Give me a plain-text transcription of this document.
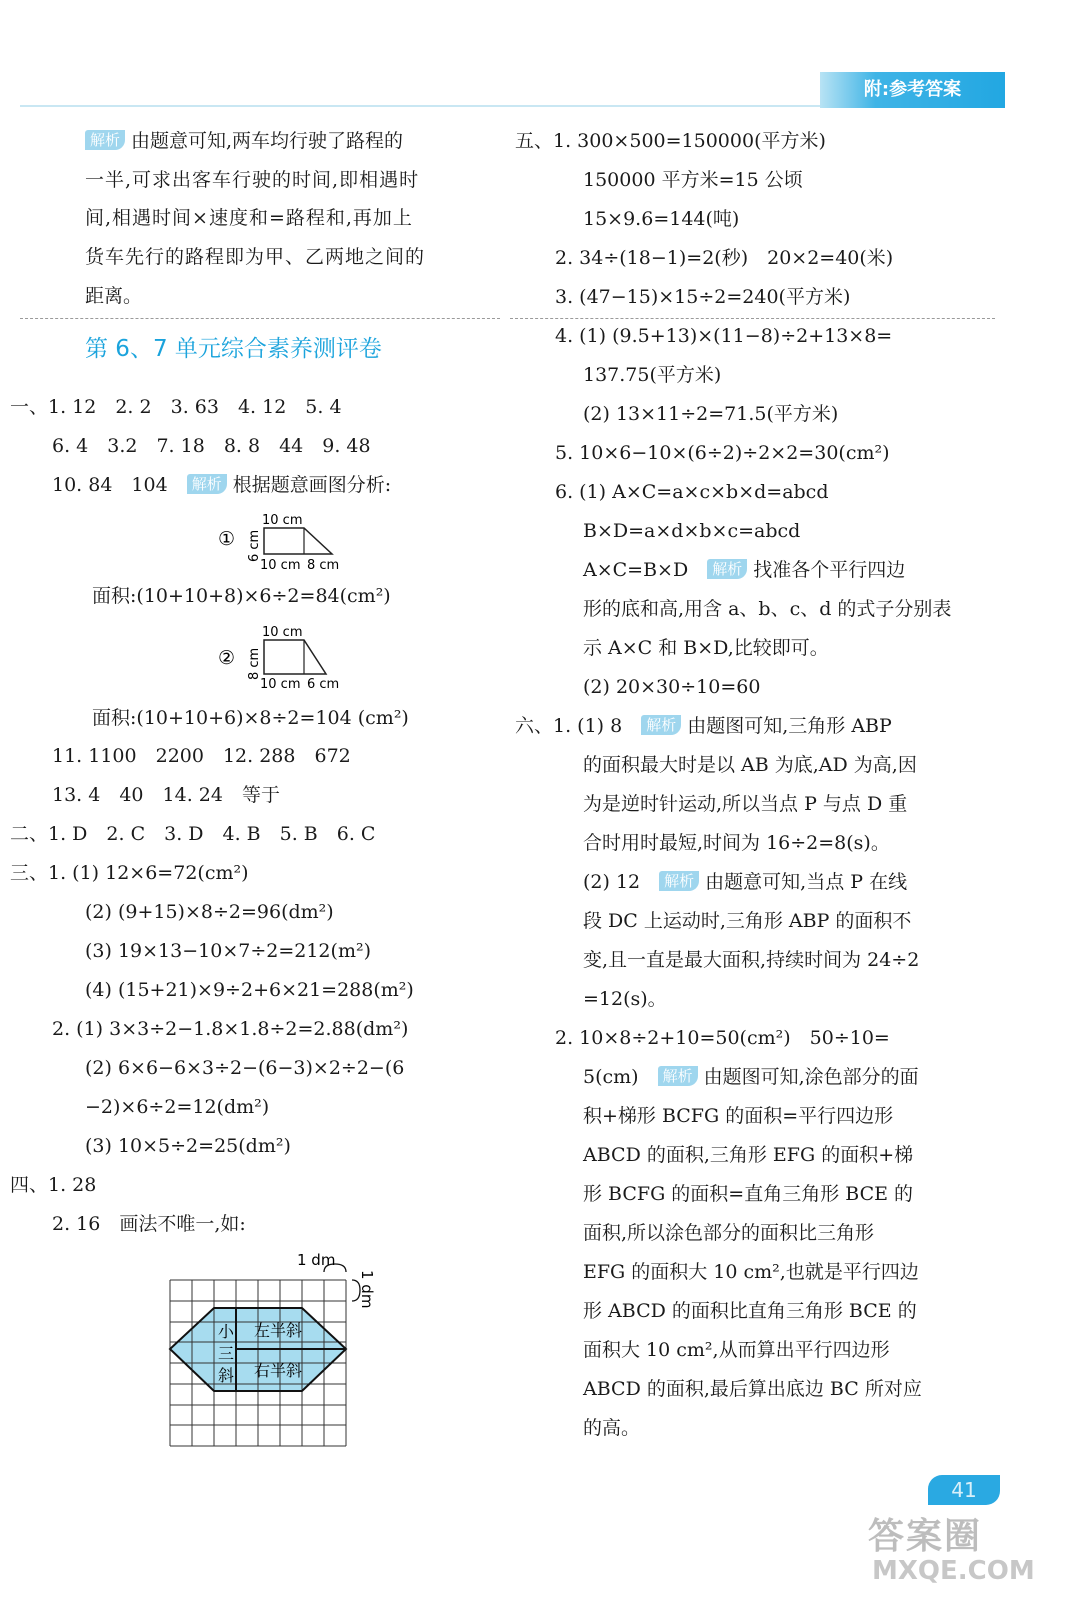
附:参考答案
解析 由题意可知,两车均行驶了路程的
一半,可求出客车行驶的时间,即相遇时
间,相遇时间×速度和=路程和,再加上
货车先行的路程即为甲、乙两地之间的
距离。
第 6、7 单元综合素养测评卷
一、1. 12　2. 2　3. 63　4. 12　5. 4
6. 4　3.2　7. 18　8. 8　44　9. 48
10. 84　104　 解析 根据题意画图分析:
①
10 cm
6 cm
10 cm 8 cm
面积:(10+10+8)×6÷2=84(cm²)
②
10 cm
8 cm
10 cm 6 cm
面积:(10+10+6)×8÷2=104 (cm²)
11. 1100　2200　12. 288　672
13. 4　40　14. 24　等于
二、1. D　2. C　3. D　4. B　5. B　6. C
三、1. (1) 12×6=72(cm²)
(2) (9+15)×8÷2=96(dm²)
(3) 19×13−10×7÷2=212(m²)
(4) (15+21)×9÷2+6×21=288(m²)
2. (1) 3×3÷2−1.8×1.8÷2=2.88(dm²)
(2) 6×6−6×3÷2−(6−3)×2÷2−(6
−2)×6÷2=12(dm²)
(3) 10×5÷2=25(dm²)
四、1. 28
2. 16　画法不唯一,如:
1 dm
1 dm
小
三
斜
左半斜
右半斜
五、1. 300×500=150000(平方米)
150000 平方米=15 公顷
15×9.6=144(吨)
2. 34÷(18−1)=2(秒)　20×2=40(米)
3. (47−15)×15÷2=240(平方米)
4. (1) (9.5+13)×(11−8)÷2+13×8=
137.75(平方米)
(2) 13×11÷2=71.5(平方米)
5. 10×6−10×(6÷2)÷2×2=30(cm²)
6. (1) A×C=a×c×b×d=abcd
B×D=a×d×b×c=abcd
A×C=B×D　 解析 找准各个平行四边
形的底和高,用含 a、b、c、d 的式子分别表
示 A×C 和 B×D,比较即可。
(2) 20×30÷10=60
六、1. (1) 8　 解析 由题图可知,三角形 ABP
的面积最大时是以 AB 为底,AD 为高,因
为是逆时针运动,所以当点 P 与点 D 重
合时用时最短,时间为 16÷2=8(s)。
(2) 12　 解析 由题意可知,当点 P 在线
段 DC 上运动时,三角形 ABP 的面积不
变,且一直是最大面积,持续时间为 24÷2
=12(s)。
2. 10×8÷2+10=50(cm²)　50÷10=
5(cm)　 解析 由题图可知,涂色部分的面
积+梯形 BCFG 的面积=平行四边形
ABCD 的面积,三角形 EFG 的面积+梯
形 BCFG 的面积=直角三角形 BCE 的
面积,所以涂色部分的面积比三角形
EFG 的面积大 10 cm²,也就是平行四边
形 ABCD 的面积比直角三角形 BCE 的
面积大 10 cm²,从而算出平行四边形
ABCD 的面积,最后算出底边 BC 所对应
的高。
41
答案圈
MXQE.COM
